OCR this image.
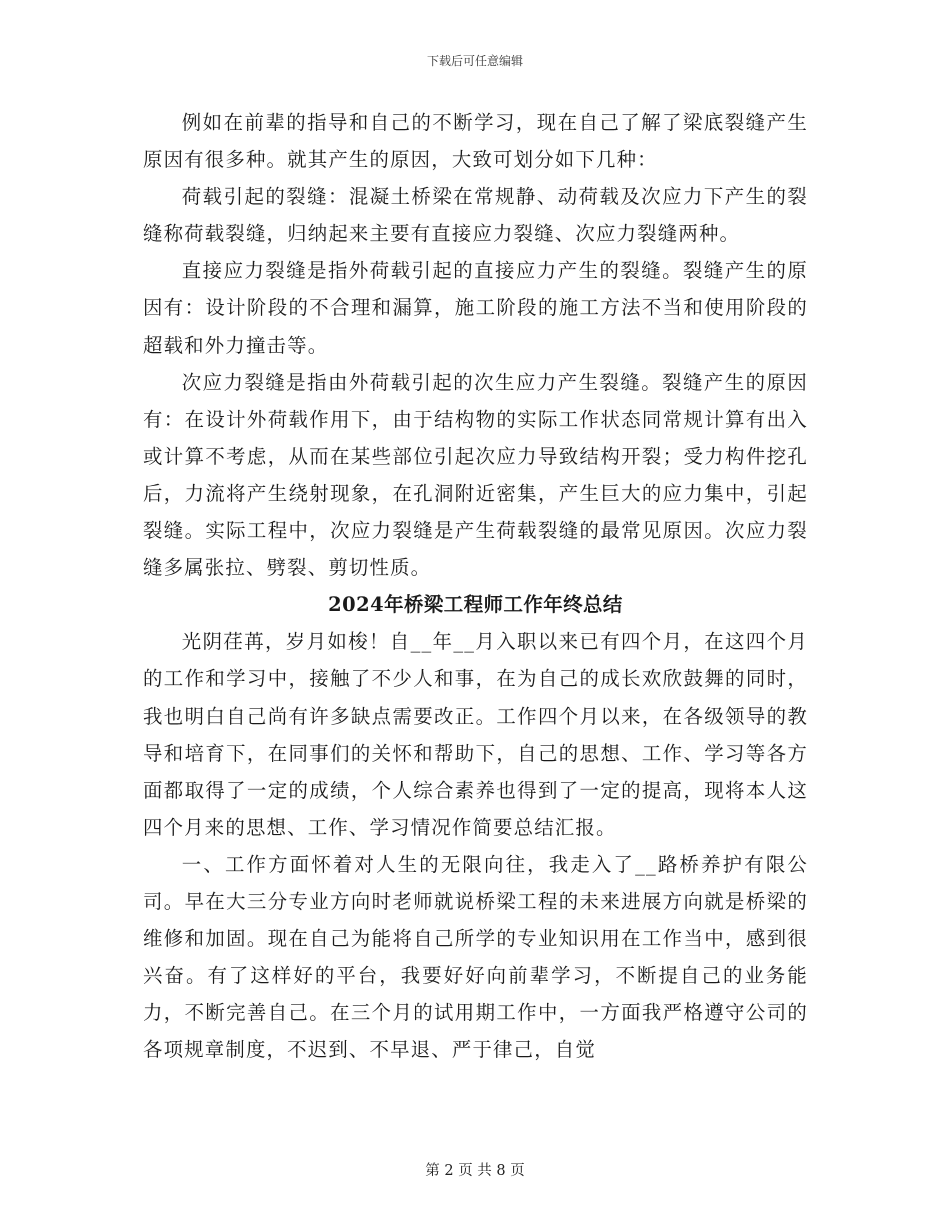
下载后可任意编辑

例如在前辈的指导和自己的不断学习，现在自己了解了梁底裂缝产生原因有很多种。就其产生的原因，大致可划分如下几种：

荷载引起的裂缝：混凝土桥梁在常规静、动荷载及次应力下产生的裂缝称荷载裂缝，归纳起来主要有直接应力裂缝、次应力裂缝两种。

直接应力裂缝是指外荷载引起的直接应力产生的裂缝。裂缝产生的原因有：设计阶段的不合理和漏算，施工阶段的施工方法不当和使用阶段的超载和外力撞击等。

次应力裂缝是指由外荷载引起的次生应力产生裂缝。裂缝产生的原因有：在设计外荷载作用下，由于结构物的实际工作状态同常规计算有出入或计算不考虑，从而在某些部位引起次应力导致结构开裂；受力构件挖孔后，力流将产生绕射现象，在孔洞附近密集，产生巨大的应力集中，引起裂缝。实际工程中，次应力裂缝是产生荷载裂缝的最常见原因。次应力裂缝多属张拉、劈裂、剪切性质。

2024年桥梁工程师工作年终总结

光阴荏苒，岁月如梭！自__年__月入职以来已有四个月，在这四个月的工作和学习中，接触了不少人和事，在为自己的成长欢欣鼓舞的同时，我也明白自己尚有许多缺点需要改正。工作四个月以来，在各级领导的教导和培育下，在同事们的关怀和帮助下，自己的思想、工作、学习等各方面都取得了一定的成绩，个人综合素养也得到了一定的提高，现将本人这四个月来的思想、工作、学习情况作简要总结汇报。

一、工作方面怀着对人生的无限向往，我走入了__路桥养护有限公司。早在大三分专业方向时老师就说桥梁工程的未来进展方向就是桥梁的维修和加固。现在自己为能将自己所学的专业知识用在工作当中，感到很兴奋。有了这样好的平台，我要好好向前辈学习，不断提自己的业务能力，不断完善自己。在三个月的试用期工作中，一方面我严格遵守公司的各项规章制度，不迟到、不早退、严于律己，自觉

第 2 页 共 8 页
